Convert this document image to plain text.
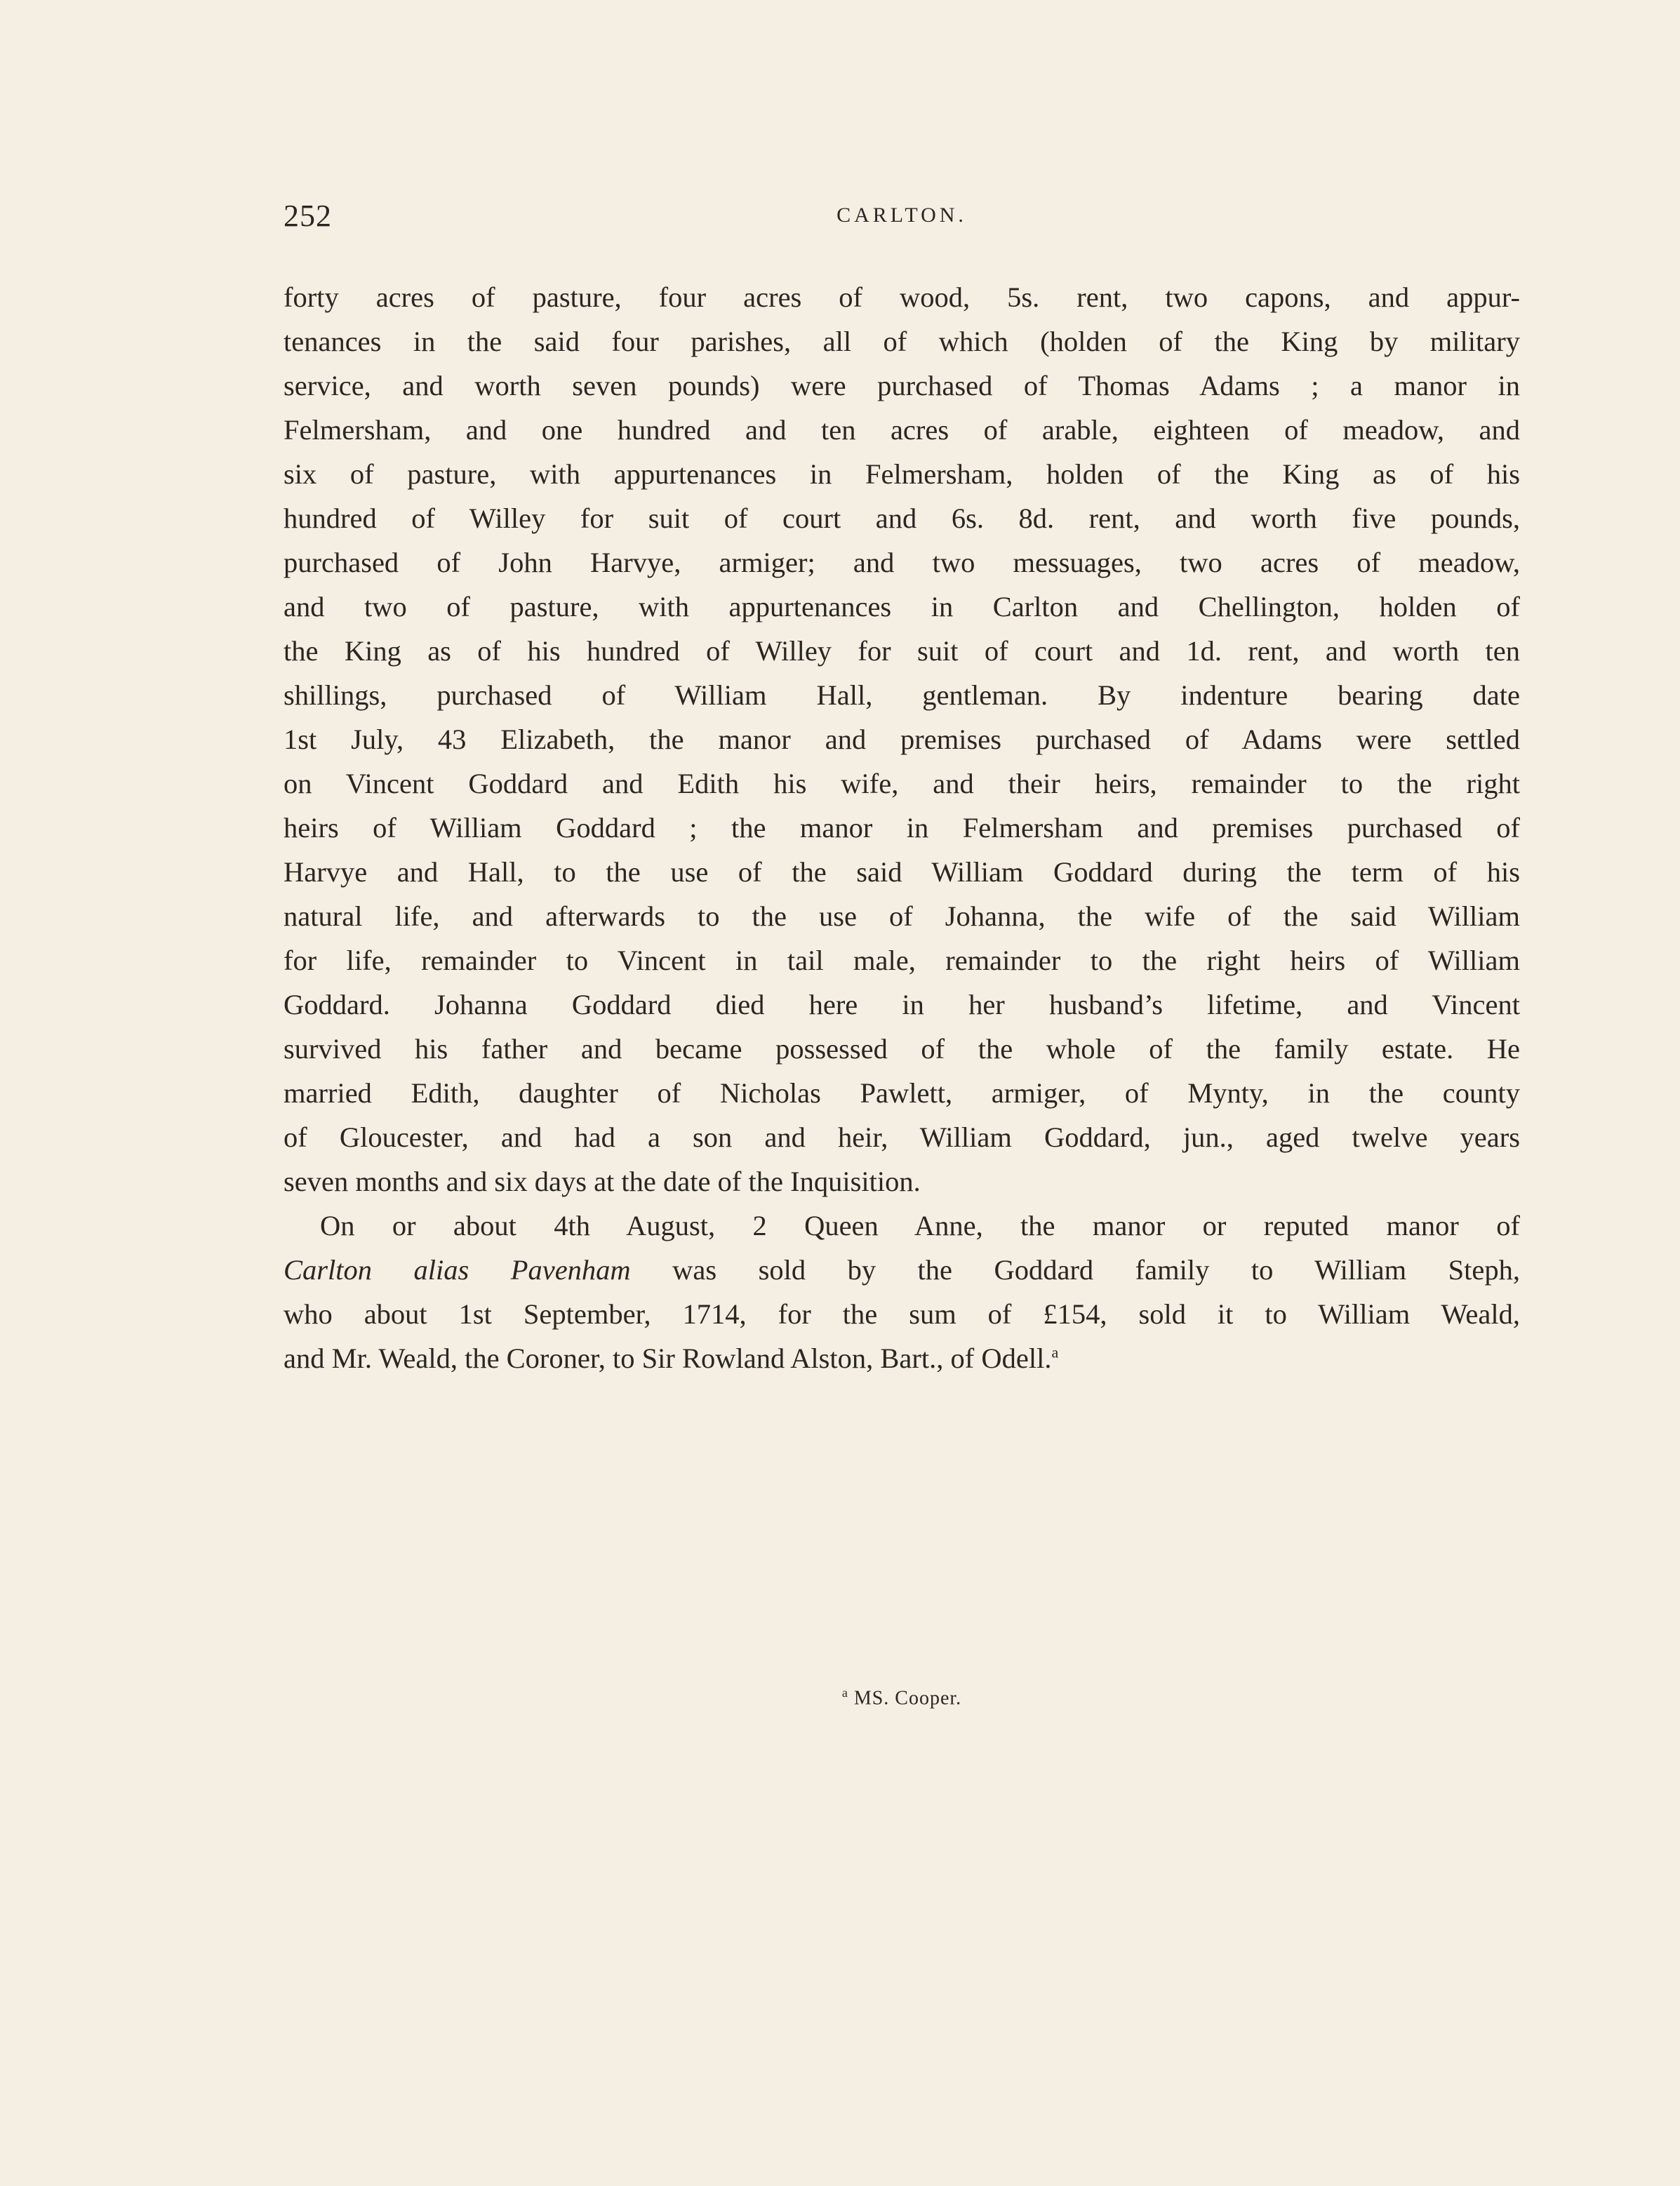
252	CARLTON.
forty acres of pasture, four acres of wood, 5s. rent, two capons, and appur-
tenances in the said four parishes, all of which (holden of the King by military
service, and worth seven pounds) were purchased of Thomas Adams ; a manor in
Felmersham, and one hundred and ten acres of arable, eighteen of meadow, and
six of pasture, with appurtenances in Felmersham, holden of the King as of his
hundred of Willey for suit of court and 6s. 8d. rent, and worth five pounds,
purchased of John Harvye, armiger; and two messuages, two acres of meadow,
and two of pasture, with appurtenances in Carlton and Chellington, holden of
the King as of his hundred of Willey for suit of court and 1d. rent, and worth ten
shillings, purchased of William Hall, gentleman. By indenture bearing date
1st July, 43 Elizabeth, the manor and premises purchased of Adams were settled
on Vincent Goddard and Edith his wife, and their heirs, remainder to the right
heirs of William Goddard ; the manor in Felmersham and premises purchased of
Harvye and Hall, to the use of the said William Goddard during the term of his
natural life, and afterwards to the use of Johanna, the wife of the said William
for life, remainder to Vincent in tail male, remainder to the right heirs of William
Goddard. Johanna Goddard died here in her husband’s lifetime, and Vincent
survived his father and became possessed of the whole of the family estate. He
married Edith, daughter of Nicholas Pawlett, armiger, of Mynty, in the county
of Gloucester, and had a son and heir, William Goddard, jun., aged twelve years
seven months and six days at the date of the Inquisition.
On or about 4th August, 2 Queen Anne, the manor or reputed manor of
Carlton alias Pavenham was sold by the Goddard family to William Steph,
who about 1st September, 1714, for the sum of £154, sold it to William Weald,
and Mr. Weald, the Coroner, to Sir Rowland Alston, Bart., of Odell.$^a$
$^a$ MS. Cooper.
